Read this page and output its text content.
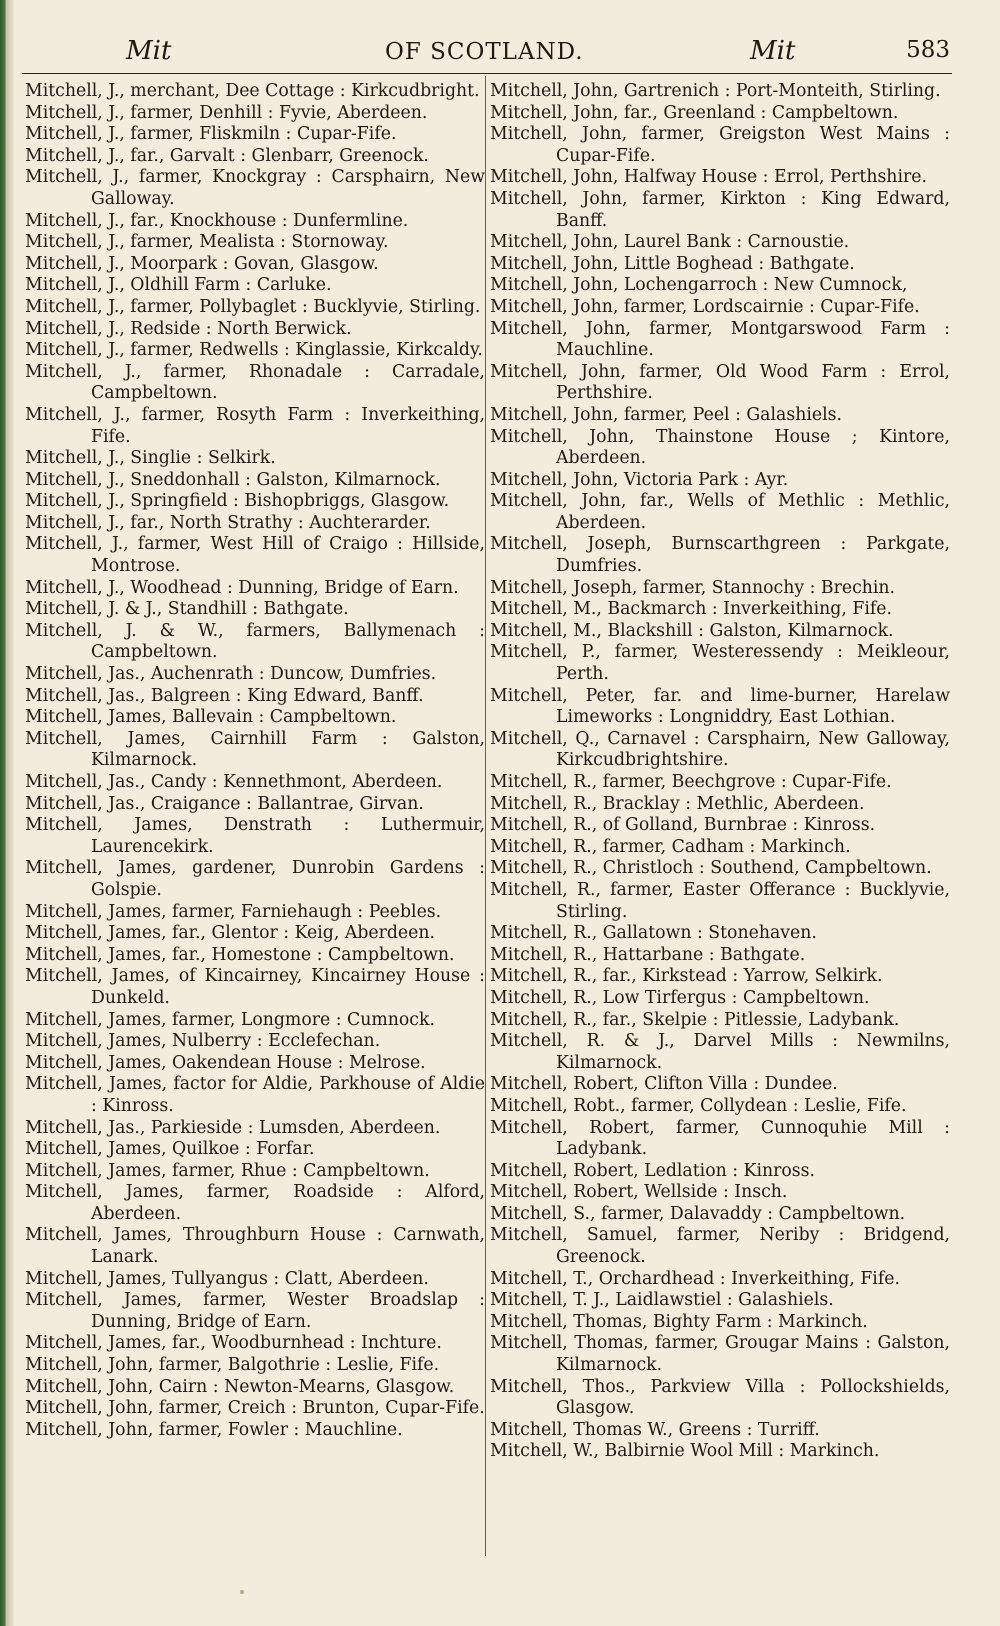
Mit	OF SCOTLAND.	Mit	583

Mitchell, J., merchant, Dee Cottage : Kirkcudbright.

Mitchell, J., farmer, Denhill : Fyvie, Aberdeen.

Mitchell, J., farmer, Fliskmiln : Cupar-Fife.

Mitchell, J., far., Garvalt : Glenbarr, Greenock.

Mitchell, J., farmer, Knockgray : Carsphairn, New Galloway.

Mitchell, J., far., Knockhouse : Dunfermline.

Mitchell, J., farmer, Mealista : Stornoway.

Mitchell, J., Moorpark : Govan, Glasgow.

Mitchell, J., Oldhill Farm : Carluke.

Mitchell, J., farmer, Pollybaglet : Bucklyvie, Stirling.

Mitchell, J., Redside : North Berwick.

Mitchell, J., farmer, Redwells : Kinglassie, Kirkcaldy.

Mitchell, J., farmer, Rhonadale : Carradale, Campbeltown.

Mitchell, J., farmer, Rosyth Farm : Inverkeithing, Fife.

Mitchell, J., Singlie : Selkirk.

Mitchell, J., Sneddonhall : Galston, Kilmarnock.

Mitchell, J., Springfield : Bishopbriggs, Glasgow.

Mitchell, J., far., North Strathy : Auchterarder.

Mitchell, J., farmer, West Hill of Craigo : Hillside, Montrose.

Mitchell, J., Woodhead : Dunning, Bridge of Earn.

Mitchell, J. & J., Standhill : Bathgate.

Mitchell, J. & W., farmers, Ballymenach : Campbeltown.

Mitchell, Jas., Auchenrath : Duncow, Dumfries.

Mitchell, Jas., Balgreen : King Edward, Banff.

Mitchell, James, Ballevain : Campbeltown.

Mitchell, James, Cairnhill Farm : Galston, Kilmarnock.

Mitchell, Jas., Candy : Kennethmont, Aberdeen.

Mitchell, Jas., Craigance : Ballantrae, Girvan.

Mitchell, James, Denstrath : Luthermuir, Laurencekirk.

Mitchell, James, gardener, Dunrobin Gardens : Golspie.

Mitchell, James, farmer, Farniehaugh : Peebles.

Mitchell, James, far., Glentor : Keig, Aberdeen.

Mitchell, James, far., Homestone : Campbeltown.

Mitchell, James, of Kincairney, Kincairney House : Dunkeld.

Mitchell, James, farmer, Longmore : Cumnock.

Mitchell, James, Nulberry : Ecclefechan.

Mitchell, James, Oakendean House : Melrose.

Mitchell, James, factor for Aldie, Parkhouse of Aldie : Kinross.

Mitchell, Jas., Parkieside : Lumsden, Aberdeen.

Mitchell, James, Quilkoe : Forfar.

Mitchell, James, farmer, Rhue : Campbeltown.

Mitchell, James, farmer, Roadside : Alford, Aberdeen.

Mitchell, James, Throughburn House : Carnwath, Lanark.

Mitchell, James, Tullyangus : Clatt, Aberdeen.

Mitchell, James, farmer, Wester Broadslap : Dunning, Bridge of Earn.

Mitchell, James, far., Woodburnhead : Inchture.

Mitchell, John, farmer, Balgothrie : Leslie, Fife.

Mitchell, John, Cairn : Newton-Mearns, Glasgow.

Mitchell, John, farmer, Creich : Brunton, Cupar-Fife.

Mitchell, John, farmer, Fowler : Mauchline.

Mitchell, John, Gartrenich : Port-Monteith, Stirling.

Mitchell, John, far., Greenland : Campbeltown.

Mitchell, John, farmer, Greigston West Mains : Cupar-Fife.

Mitchell, John, Halfway House : Errol, Perthshire.

Mitchell, John, farmer, Kirkton : King Edward, Banff.

Mitchell, John, Laurel Bank : Carnoustie.

Mitchell, John, Little Boghead : Bathgate.

Mitchell, John, Lochengarroch : New Cumnock,

Mitchell, John, farmer, Lordscairnie : Cupar-Fife.

Mitchell, John, farmer, Montgarswood Farm : Mauchline.

Mitchell, John, farmer, Old Wood Farm : Errol, Perthshire.

Mitchell, John, farmer, Peel : Galashiels.

Mitchell, John, Thainstone House ; Kintore, Aberdeen.

Mitchell, John, Victoria Park : Ayr.

Mitchell, John, far., Wells of Methlic : Methlic, Aberdeen.

Mitchell, Joseph, Burnscarthgreen : Parkgate, Dumfries.

Mitchell, Joseph, farmer, Stannochy : Brechin.

Mitchell, M., Backmarch : Inverkeithing, Fife.

Mitchell, M., Blackshill : Galston, Kilmarnock.

Mitchell, P., farmer, Westeressendy : Meikleour, Perth.

Mitchell, Peter, far. and lime-burner, Harelaw Limeworks : Longniddry, East Lothian.

Mitchell, Q., Carnavel : Carsphairn, New Galloway, Kirkcudbrightshire.

Mitchell, R., farmer, Beechgrove : Cupar-Fife.

Mitchell, R., Bracklay : Methlic, Aberdeen.

Mitchell, R., of Golland, Burnbrae : Kinross.

Mitchell, R., farmer, Cadham : Markinch.

Mitchell, R., Christloch : Southend, Campbeltown.

Mitchell, R., farmer, Easter Offerance : Bucklyvie, Stirling.

Mitchell, R., Gallatown : Stonehaven.

Mitchell, R., Hattarbane : Bathgate.

Mitchell, R., far., Kirkstead : Yarrow, Selkirk.

Mitchell, R., Low Tirfergus : Campbeltown.

Mitchell, R., far., Skelpie : Pitlessie, Ladybank.

Mitchell, R. & J., Darvel Mills : Newmilns, Kilmarnock.

Mitchell, Robert, Clifton Villa : Dundee.

Mitchell, Robt., farmer, Collydean : Leslie, Fife.

Mitchell, Robert, farmer, Cunnoquhie Mill : Ladybank.

Mitchell, Robert, Ledlation : Kinross.

Mitchell, Robert, Wellside : Insch.

Mitchell, S., farmer, Dalavaddy : Campbeltown.

Mitchell, Samuel, farmer, Neriby : Bridgend, Greenock.

Mitchell, T., Orchardhead : Inverkeithing, Fife.

Mitchell, T. J., Laidlawstiel : Galashiels.

Mitchell, Thomas, Bighty Farm : Markinch.

Mitchell, Thomas, farmer, Grougar Mains : Galston, Kilmarnock.

Mitchell, Thos., Parkview Villa : Pollockshields, Glasgow.

Mitchell, Thomas W., Greens : Turriff.

Mitchell, W., Balbirnie Wool Mill : Markinch.
